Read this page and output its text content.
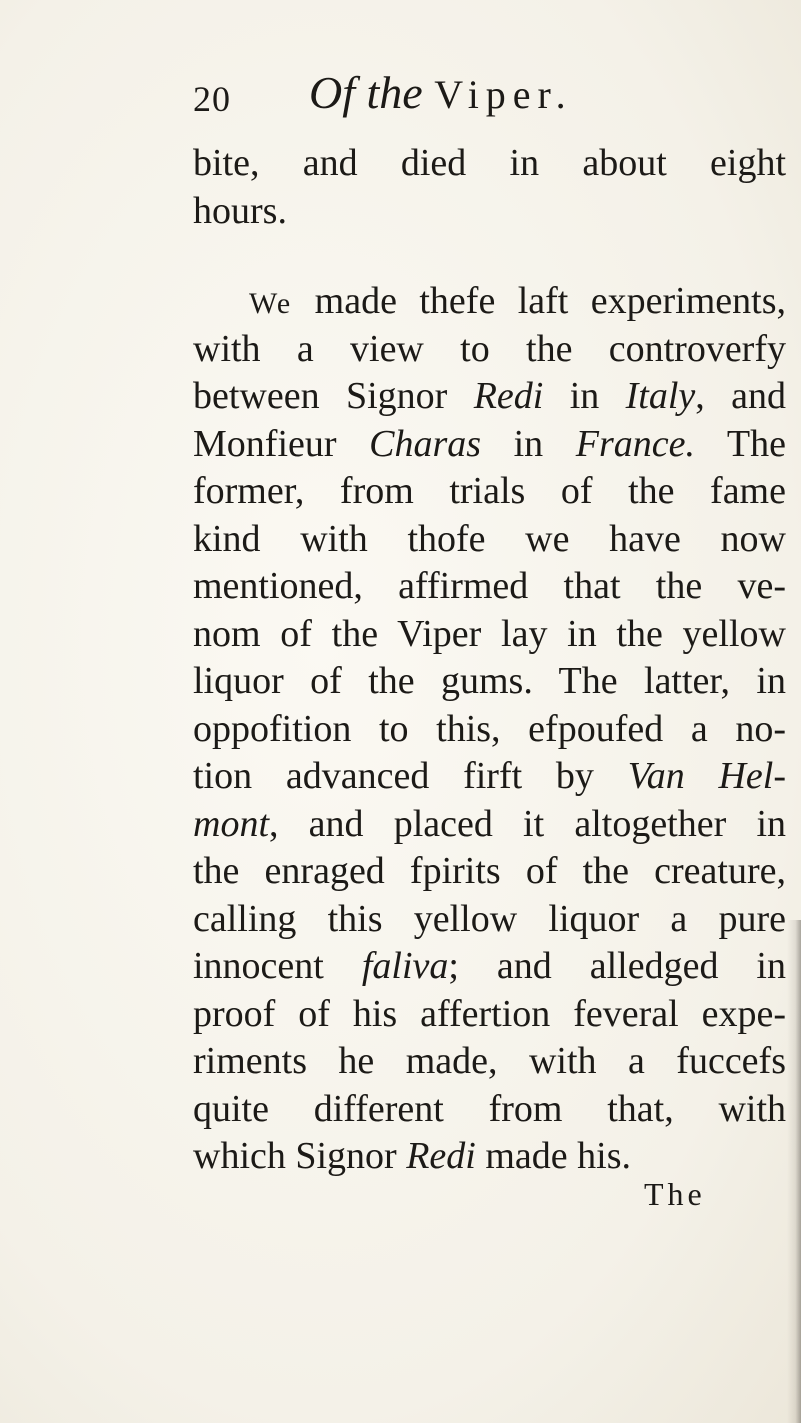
20 Of the Viper.
bite, and died in about eight
hours.
We made thefe laft experiments,
with a view to the controverfy
between Signor Redi in Italy, and
Monfieur Charas in France. The
former, from trials of the fame
kind with thofe we have now
mentioned, affirmed that the ve-
nom of the Viper lay in the yellow
liquor of the gums. The latter, in
oppofition to this, efpoufed a no-
tion advanced firft by Van Hel-
mont, and placed it altogether in
the enraged fpirits of the creature,
calling this yellow liquor a pure
innocent faliva; and alledged in
proof of his affertion feveral expe-
riments he made, with a fuccefs
quite different from that, with
which Signor Redi made his.
The
